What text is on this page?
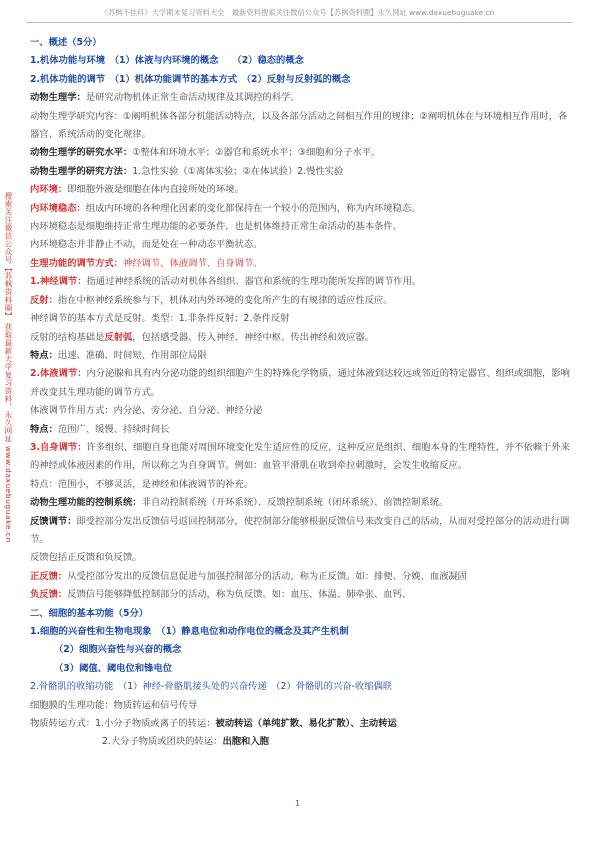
《苏枫不挂科》大学期末复习资料大全　最新资料搜索关注微信公众号【苏枫资料圈】永久网址 www.daxuebuguake.cn
搜索关注微信公众号【苏枫资料圈】 获取最新大学复习资料，永久网址 www.daxuebuguake.cn
一、概述（5分）
1.机体功能与环境　（1）体液与内环境的概念　　（2）稳态的概念
2.机体功能的调节　（1）机体功能调节的基本方式　（2）反射与反射弧的概念
动物生理学：是研究动物机体正常生命活动规律及其调控的科学。
动物生理学研究内容：①阐明机体各部分机能活动特点，以及各部分活动之间相互作用的规律；②阐明机体在与环境相互作用时，各器官、系统活动的变化规律。
动物生理学的研究水平：①整体和环境水平；②器官和系统水平；③细胞和分子水平。
动物生理学的研究方法：1.急性实验（①离体实验；②在体试验）2.慢性实验
内环境：即细胞外液是细胞在体内直接所处的环境。
内环境稳态：组成内环境的各种理化因素的变化都保持在一个较小的范围内，称为内环境稳态。
内环境稳态是细胞维持正常生理功能的必要条件，也是机体维持正常生命活动的基本条件。
内环境稳态并非静止不动，而是处在一种动态平衡状态。
生理功能的调节方式：神经调节、体液调节、自身调节。
1.神经调节：指通过神经系统的活动对机体各组织、器官和系统的生理功能所发挥的调节作用。
反射：指在中枢神经系统参与下，机体对内外环境的变化所产生的有规律的适应性反应。
神经调节的基本方式是反射。类型：1.非条件反射；2.条件反射
反射的结构基础是反射弧，包括感受器、传入神经、神经中枢、传出神经和效应器。
特点：迅速、准确、时间短、作用部位局限
2.体液调节：内分泌腺和具有内分泌功能的组织细胞产生的特殊化学物质，通过体液到达较远或邻近的特定器官、组织或细胞，影响并改变其生理功能的调节方式。
体液调节作用方式：内分泌、旁分泌、自分泌、神经分泌
特点：范围广、缓慢、持续时间长
3.自身调节：许多组织、细胞自身也能对周围环境变化发生适应性的反应，这种反应是组织、细胞本身的生理特性，并不依赖于外来的神经或体液因素的作用，所以称之为自身调节。例如：血管平滑肌在收到牵拉刺激时，会发生收缩反应。
特点：范围小，不够灵活，是神经和体液调节的补充。
动物生理功能的控制系统：非自动控制系统（开环系统）、反馈控制系统（闭环系统）、前馈控制系统。
反馈调节：即受控部分发出反馈信号返回控制部分，使控制部分能够根据反馈信号来改变自己的活动，从而对受控部分的活动进行调节。
反馈包括正反馈和负反馈。
正反馈：从受控部分发出的反馈信息促进与加强控制部分的活动，称为正反馈。如：排便、分娩、血液凝固
负反馈：反馈信号能够降低控制部分的活动，称为负反馈。如：血压、体温、肺牵张、血钙、
二、细胞的基本功能（5分）
1.细胞的兴奋性和生物电现象　（1）静息电位和动作电位的概念及其产生机制
（2）细胞兴奋性与兴奋的概念
（3）阈值、阈电位和锋电位
2.骨骼肌的收缩功能　（1）神经-骨骼肌接头处的兴奋传递　（2）骨骼肌的兴奋-收缩偶联
细胞膜的生理功能：物质转运和信号传导
物质转运方式：1.小分子物质或离子的转运：被动转运（单纯扩散、易化扩散）、主动转运
2.大分子物质或团块的转运：出胞和入胞
1
